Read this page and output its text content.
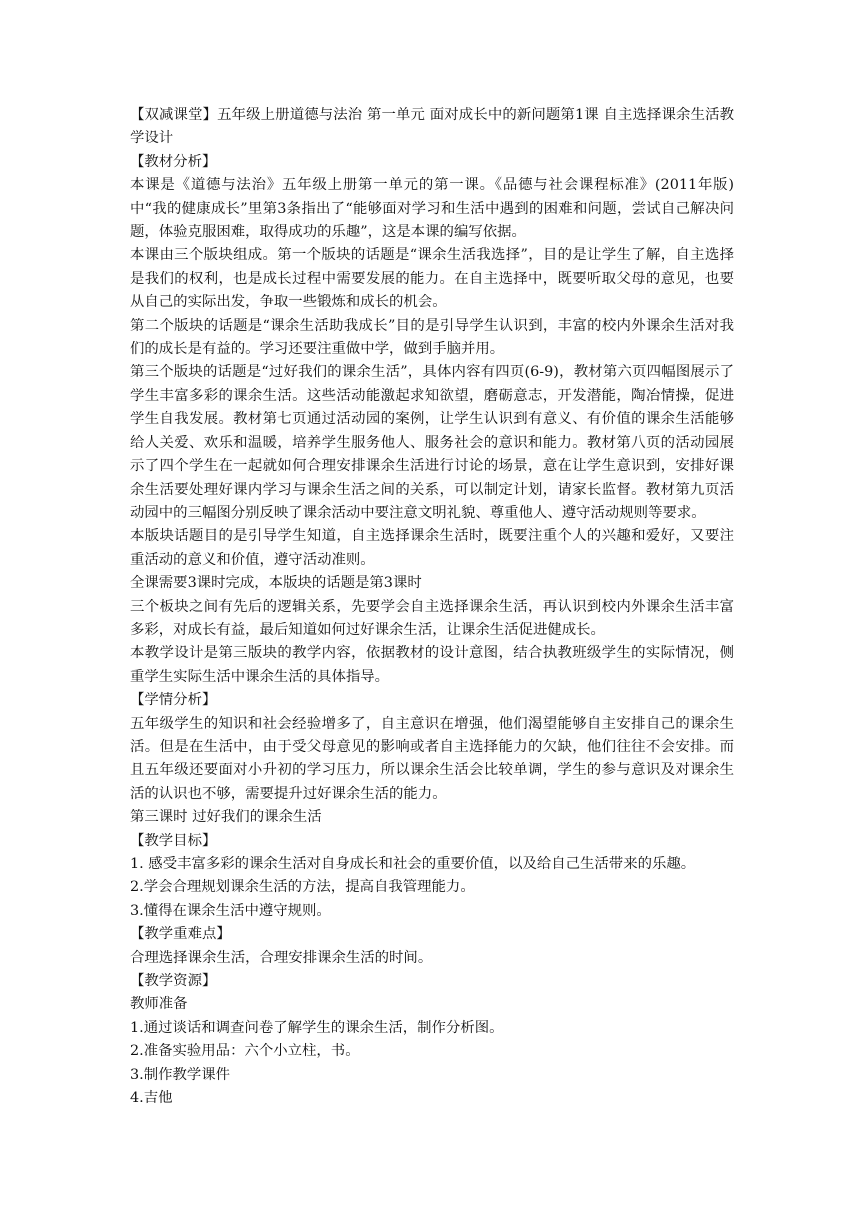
【双减课堂】五年级上册道德与法治 第一单元 面对成长中的新问题第1课 自主选择课余生活教学设计
【教材分析】
本课是《道德与法治》五年级上册第一单元的第一课。《品德与社会课程标准》(2011年版)中“我的健康成长”里第3条指出了“能够面对学习和生活中遇到的困难和问题，尝试自己解决问题，体验克服困难，取得成功的乐趣”，这是本课的编写依据。
本课由三个版块组成。第一个版块的话题是“课余生活我选择”，目的是让学生了解，自主选择是我们的权利，也是成长过程中需要发展的能力。在自主选择中，既要听取父母的意见，也要从自己的实际出发，争取一些锻炼和成长的机会。
第二个版块的话题是“课余生活助我成长”目的是引导学生认识到，丰富的校内外课余生活对我们的成长是有益的。学习还要注重做中学，做到手脑并用。
第三个版块的话题是“过好我们的课余生活”，具体内容有四页(6-9)，教材第六页四幅图展示了学生丰富多彩的课余生活。这些活动能激起求知欲望，磨砺意志，开发潜能，陶冶情操，促进学生自我发展。教材第七页通过活动园的案例，让学生认识到有意义、有价值的课余生活能够给人关爱、欢乐和温暖，培养学生服务他人、服务社会的意识和能力。教材第八页的活动园展示了四个学生在一起就如何合理安排课余生活进行讨论的场景，意在让学生意识到，安排好课余生活要处理好课内学习与课余生活之间的关系，可以制定计划，请家长监督。教材第九页活动园中的三幅图分别反映了课余活动中要注意文明礼貌、尊重他人、遵守活动规则等要求。
本版块话题目的是引导学生知道，自主选择课余生活时，既要注重个人的兴趣和爱好，又要注重活动的意义和价值，遵守活动准则。
全课需要3课时完成，本版块的话题是第3课时
三个板块之间有先后的逻辑关系，先要学会自主选择课余生活，再认识到校内外课余生活丰富多彩，对成长有益，最后知道如何过好课余生活，让课余生活促进健成长。
本教学设计是第三版块的教学内容，依据教材的设计意图，结合执教班级学生的实际情况，侧重学生实际生活中课余生活的具体指导。
【学情分析】
五年级学生的知识和社会经验增多了，自主意识在增强，他们渴望能够自主安排自己的课余生活。但是在生活中，由于受父母意见的影响或者自主选择能力的欠缺，他们往往不会安排。而且五年级还要面对小升初的学习压力，所以课余生活会比较单调，学生的参与意识及对课余生活的认识也不够，需要提升过好课余生活的能力。
第三课时 过好我们的课余生活
【教学目标】
1. 感受丰富多彩的课余生活对自身成长和社会的重要价值，以及给自己生活带来的乐趣。
2.学会合理规划课余生活的方法，提高自我管理能力。
3.懂得在课余生活中遵守规则。
【教学重难点】
合理选择课余生活，合理安排课余生活的时间。
【教学资源】
教师准备
1.通过谈话和调查问卷了解学生的课余生活，制作分析图。
2.准备实验用品：六个小立柱，书。
3.制作教学课件
4.吉他
